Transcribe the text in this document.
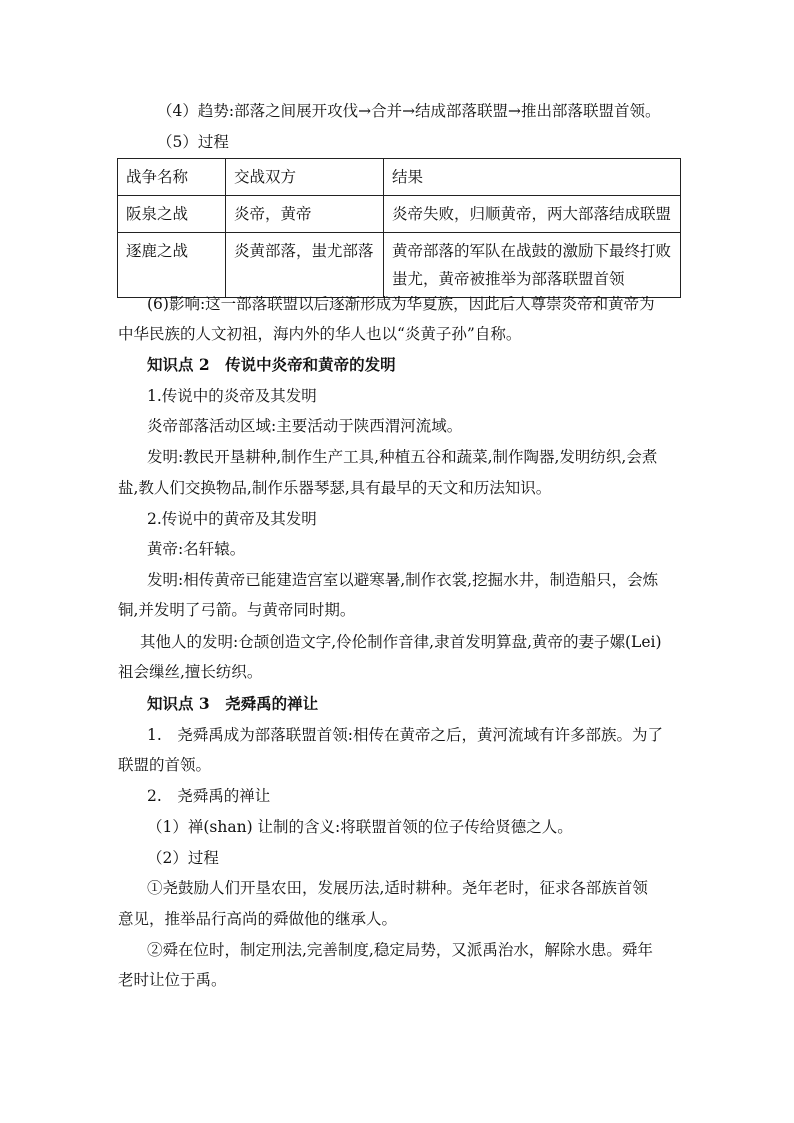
（4）趋势:部落之间展开攻伐→合并→结成部落联盟→推出部落联盟首领。
（5）过程
战争名称	交战双方	结果
阪泉之战	炎帝，黄帝	炎帝失败，归顺黄帝，两大部落结成联盟
逐鹿之战	炎黄部落，蚩尤部落	黄帝部落的军队在战鼓的激励下最终打败蚩尤，黄帝被推举为部落联盟首领
(6)影响:这一部落联盟以后逐渐形成为华夏族，因此后人尊崇炎帝和黄帝为
中华民族的人文初祖，海内外的华人也以“炎黄子孙”自称。
知识点 2　传说中炎帝和黄帝的发明
1.传说中的炎帝及其发明
炎帝部落活动区域:主要活动于陕西渭河流域。
发明:教民开垦耕种,制作生产工具,种植五谷和蔬菜,制作陶器,发明纺织,会煮
盐,教人们交换物品,制作乐器琴瑟,具有最早的天文和历法知识。
2.传说中的黄帝及其发明
黄帝:名轩辕。
发明:相传黄帝已能建造宫室以避寒暑,制作衣裳,挖掘水井，制造船只，会炼
铜,并发明了弓箭。与黄帝同时期。
其他人的发明:仓颉创造文字,伶伦制作音律,隶首发明算盘,黄帝的妻子嫘(Lei)
祖会缫丝,擅长纺织。
知识点 3　尧舜禹的禅让
1.　尧舜禹成为部落联盟首领:相传在黄帝之后，黄河流域有许多部族。为了
联盟的首领。
2.　尧舜禹的禅让
（1）禅(shan) 让制的含义:将联盟首领的位子传给贤德之人。
（2）过程
①尧鼓励人们开垦农田，发展历法,适时耕种。尧年老时，征求各部族首领
意见，推举品行高尚的舜做他的继承人。
②舜在位时，制定刑法,完善制度,稳定局势，又派禹治水，解除水患。舜年
老时让位于禹。
